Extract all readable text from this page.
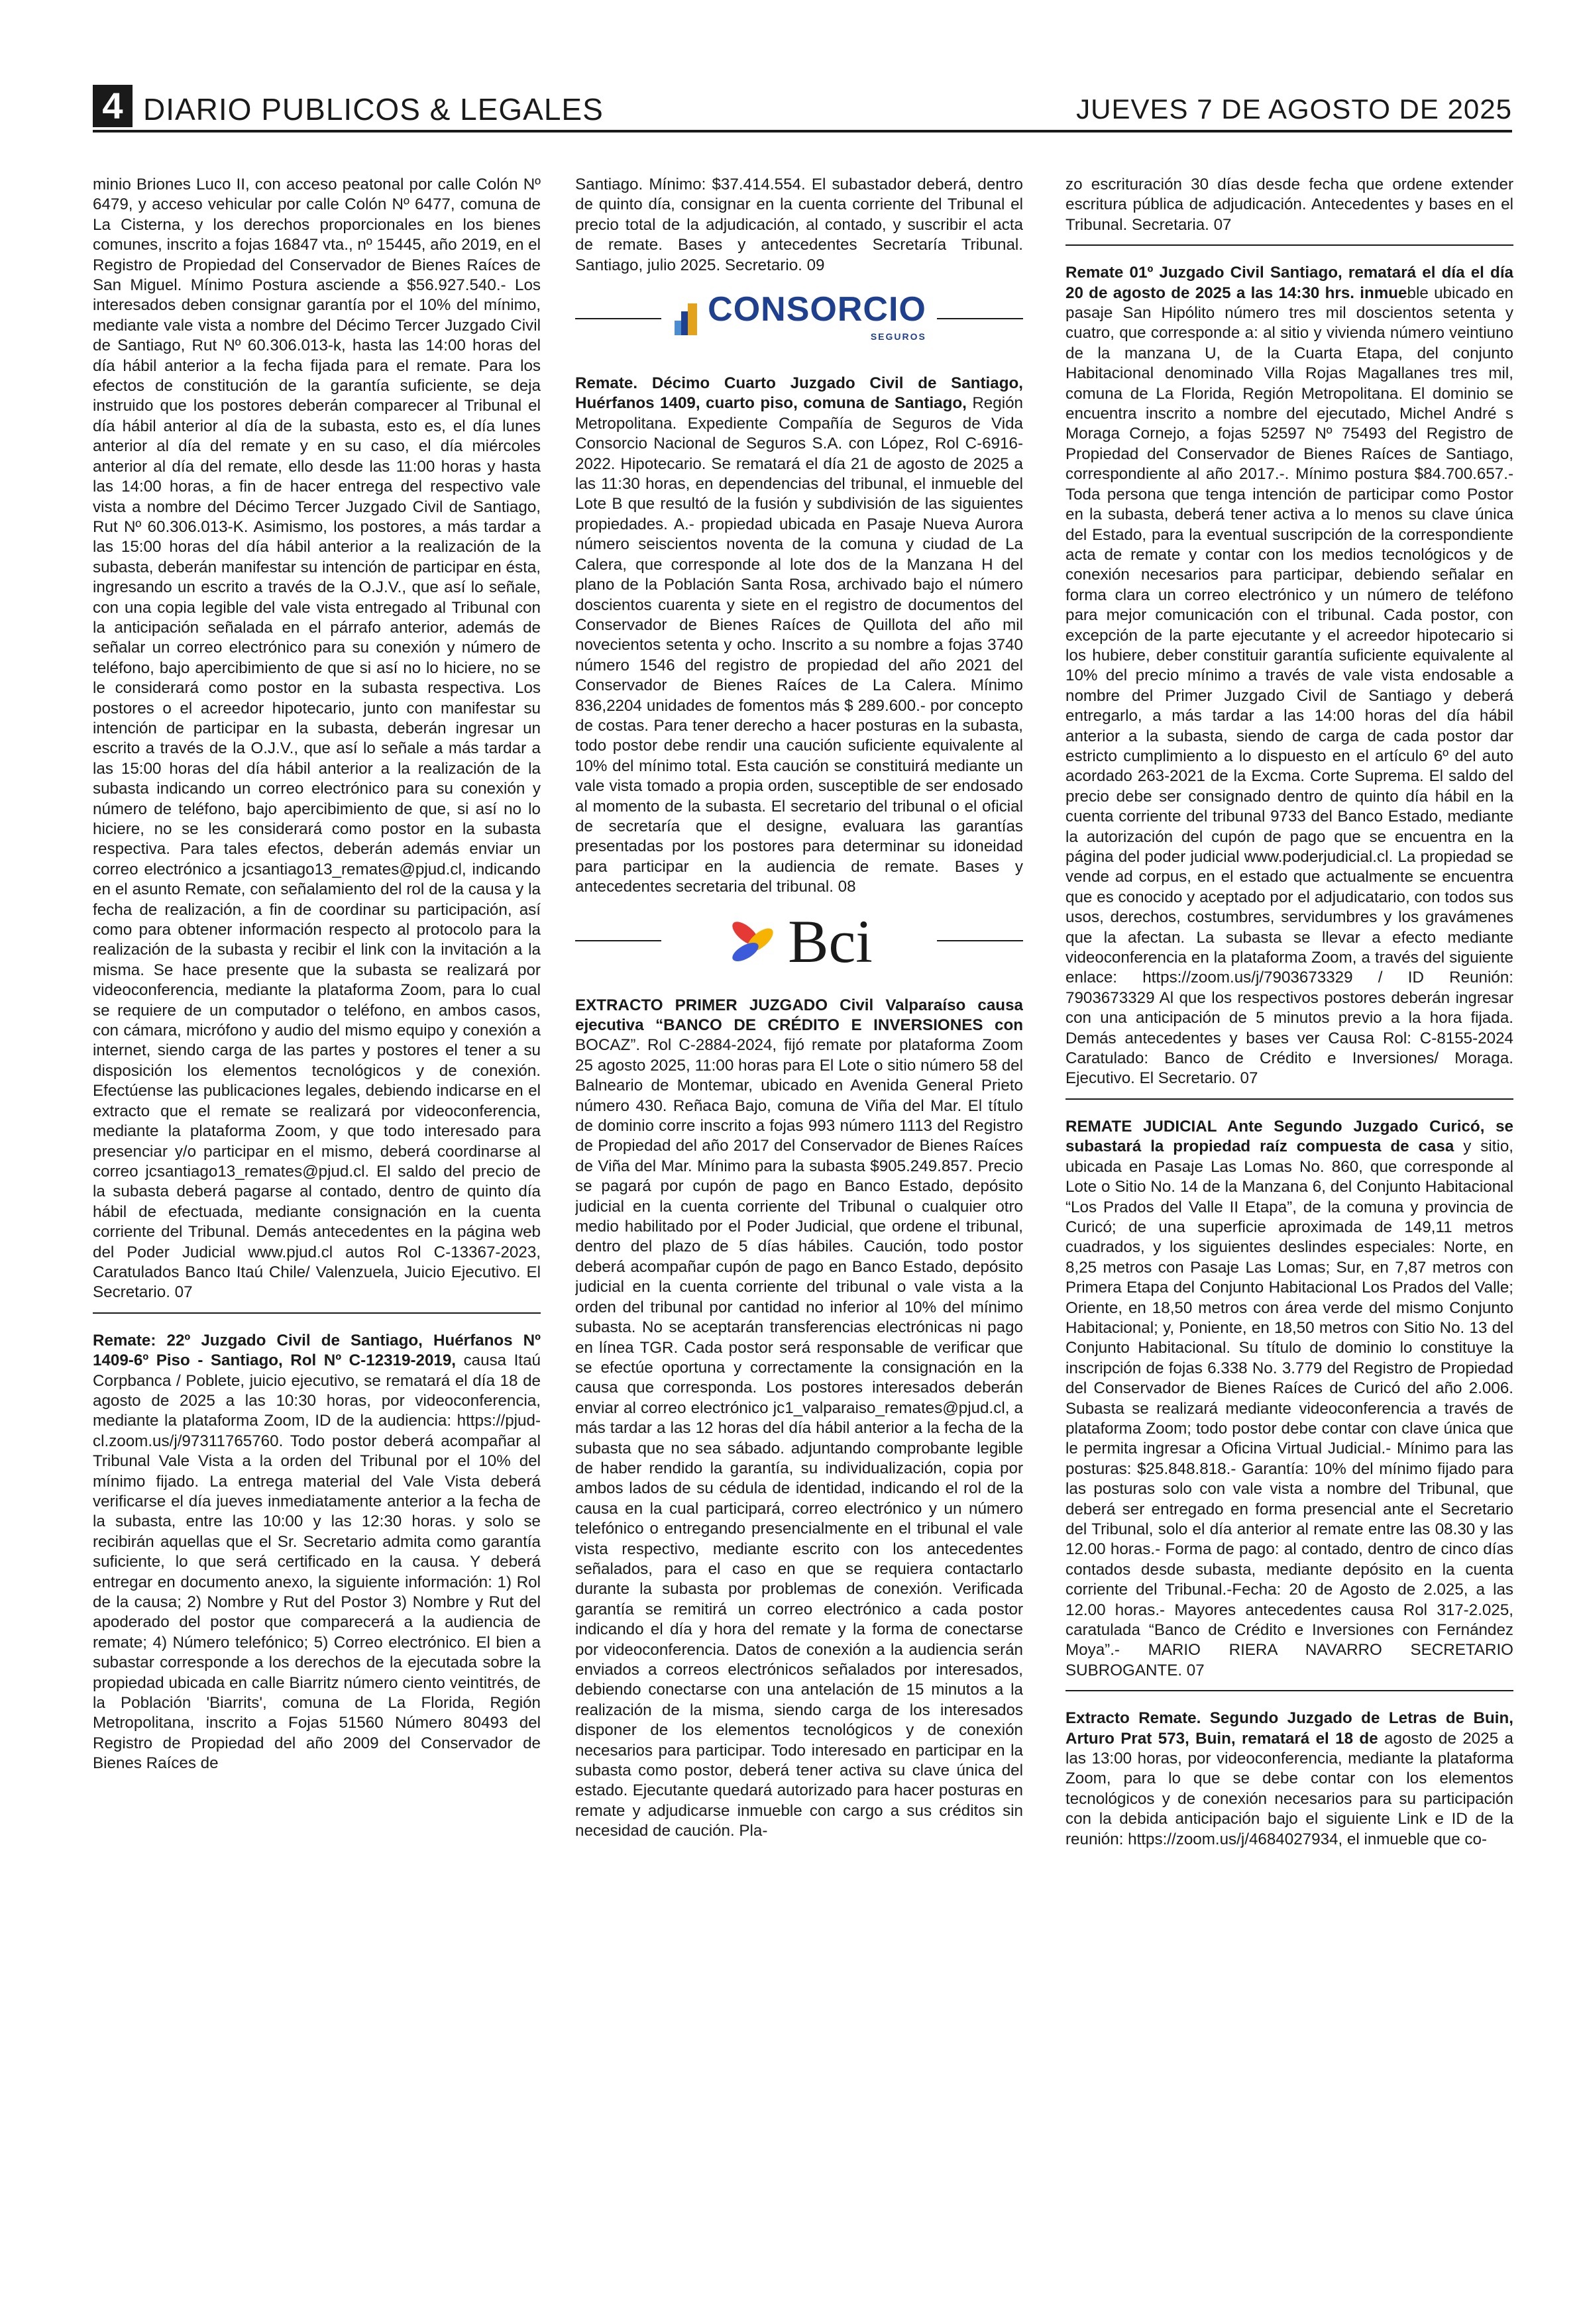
4 DIARIO PUBLICOS & LEGALES	JUEVES 7 DE AGOSTO DE 2025

minio Briones Luco II, con acceso peatonal por calle Colón Nº 6479, y acceso vehicular por calle Colón Nº 6477, comuna de La Cisterna, y los derechos proporcionales en los bienes comunes, inscrito a fojas 16847 vta., nº 15445, año 2019, en el Registro de Propiedad del Conservador de Bienes Raíces de San Miguel. Mínimo Postura asciende a $56.927.540.- Los interesados deben consignar garantía por el 10% del mínimo, mediante vale vista a nombre del Décimo Tercer Juzgado Civil de Santiago, Rut Nº 60.306.013-k, hasta las 14:00 horas del día hábil anterior a la fecha fijada para el remate. Para los efectos de constitución de la garantía suficiente, se deja instruido que los postores deberán comparecer al Tribunal el día hábil anterior al día de la subasta, esto es, el día lunes anterior al día del remate y en su caso, el día miércoles anterior al día del remate, ello desde las 11:00 horas y hasta las 14:00 horas, a fin de hacer entrega del respectivo vale vista a nombre del Décimo Tercer Juzgado Civil de Santiago, Rut Nº 60.306.013-K. Asimismo, los postores, a más tardar a las 15:00 horas del día hábil anterior a la realización de la subasta, deberán manifestar su intención de participar en ésta, ingresando un escrito a través de la O.J.V., que así lo señale, con una copia legible del vale vista entregado al Tribunal con la anticipación señalada en el párrafo anterior, además de señalar un correo electrónico para su conexión y número de teléfono, bajo apercibimiento de que si así no lo hiciere, no se le considerará como postor en la subasta respectiva. Los postores o el acreedor hipotecario, junto con manifestar su intención de participar en la subasta, deberán ingresar un escrito a través de la O.J.V., que así lo señale a más tardar a las 15:00 horas del día hábil anterior a la realización de la subasta indicando un correo electrónico para su conexión y número de teléfono, bajo apercibimiento de que, si así no lo hiciere, no se les considerará como postor en la subasta respectiva. Para tales efectos, deberán además enviar un correo electrónico a jcsantiago13_remates@pjud.cl, indicando en el asunto Remate, con señalamiento del rol de la causa y la fecha de realización, a fin de coordinar su participación, así como para obtener información respecto al protocolo para la realización de la subasta y recibir el link con la invitación a la misma. Se hace presente que la subasta se realizará por videoconferencia, mediante la plataforma Zoom, para lo cual se requiere de un computador o teléfono, en ambos casos, con cámara, micrófono y audio del mismo equipo y conexión a internet, siendo carga de las partes y postores el tener a su disposición los elementos tecnológicos y de conexión. Efectúense las publicaciones legales, debiendo indicarse en el extracto que el remate se realizará por videoconferencia, mediante la plataforma Zoom, y que todo interesado para presenciar y/o participar en el mismo, deberá coordinarse al correo jcsantiago13_remates@pjud.cl. El saldo del precio de la subasta deberá pagarse al contado, dentro de quinto día hábil de efectuada, mediante consignación en la cuenta corriente del Tribunal. Demás antecedentes en la página web del Poder Judicial www.pjud.cl autos Rol C-13367-2023, Caratulados Banco Itaú Chile/ Valenzuela, Juicio Ejecutivo. El Secretario. 07

Remate: 22º Juzgado Civil de Santiago, Huérfanos Nº 1409-6º Piso - Santiago, Rol Nº C-12319-2019, causa Itaú Corpbanca / Poblete, juicio ejecutivo, se rematará el día 18 de agosto de 2025 a las 10:30 horas, por videoconferencia, mediante la plataforma Zoom, ID de la audiencia: https://pjud-cl.zoom.us/j/97311765760. Todo postor deberá acompañar al Tribunal Vale Vista a la orden del Tribunal por el 10% del mínimo fijado. La entrega material del Vale Vista deberá verificarse el día jueves inmediatamente anterior a la fecha de la subasta, entre las 10:00 y las 12:30 horas. y solo se recibirán aquellas que el Sr. Secretario admita como garantía suficiente, lo que será certificado en la causa. Y deberá entregar en documento anexo, la siguiente información: 1) Rol de la causa; 2) Nombre y Rut del Postor 3) Nombre y Rut del apoderado del postor que comparecerá a la audiencia de remate; 4) Número telefónico; 5) Correo electrónico. El bien a subastar corresponde a los derechos de la ejecutada sobre la propiedad ubicada en calle Biarritz número ciento veintitrés, de la Población 'Biarrits', comuna de La Florida, Región Metropolitana, inscrito a Fojas 51560 Número 80493 del Registro de Propiedad del año 2009 del Conservador de Bienes Raíces de

Santiago. Mínimo: $37.414.554. El subastador deberá, dentro de quinto día, consignar en la cuenta corriente del Tribunal el precio total de la adjudicación, al contado, y suscribir el acta de remate. Bases y antecedentes Secretaría Tribunal. Santiago, julio 2025. Secretario. 09

CONSORCIO
SEGUROS

Remate. Décimo Cuarto Juzgado Civil de Santiago, Huérfanos 1409, cuarto piso, comuna de Santiago, Región Metropolitana. Expediente Compañía de Seguros de Vida Consorcio Nacional de Seguros S.A. con López, Rol C-6916-2022. Hipotecario. Se rematará el día 21 de agosto de 2025 a las 11:30 horas, en dependencias del tribunal, el inmueble del Lote B que resultó de la fusión y subdivisión de las siguientes propiedades. A.- propiedad ubicada en Pasaje Nueva Aurora número seiscientos noventa de la comuna y ciudad de La Calera, que corresponde al lote dos de la Manzana H del plano de la Población Santa Rosa, archivado bajo el número doscientos cuarenta y siete en el registro de documentos del Conservador de Bienes Raíces de Quillota del año mil novecientos setenta y ocho. Inscrito a su nombre a fojas 3740 número 1546 del registro de propiedad del año 2021 del Conservador de Bienes Raíces de La Calera. Mínimo 836,2204 unidades de fomentos más $ 289.600.- por concepto de costas. Para tener derecho a hacer posturas en la subasta, todo postor debe rendir una caución suficiente equivalente al 10% del mínimo total. Esta caución se constituirá mediante un vale vista tomado a propia orden, susceptible de ser endosado al momento de la subasta. El secretario del tribunal o el oficial de secretaría que el designe, evaluara las garantías presentadas por los postores para determinar su idoneidad para participar en la audiencia de remate. Bases y antecedentes secretaria del tribunal. 08

Bci

EXTRACTO PRIMER JUZGADO Civil Valparaíso causa ejecutiva “BANCO DE CRÉDITO E INVERSIONES con BOCAZ”. Rol C-2884-2024, fijó remate por plataforma Zoom 25 agosto 2025, 11:00 horas para El Lote o sitio número 58 del Balneario de Montemar, ubicado en Avenida General Prieto número 430. Reñaca Bajo, comuna de Viña del Mar. El título de dominio corre inscrito a fojas 993 número 1113 del Registro de Propiedad del año 2017 del Conservador de Bienes Raíces de Viña del Mar. Mínimo para la subasta $905.249.857. Precio se pagará por cupón de pago en Banco Estado, depósito judicial en la cuenta corriente del Tribunal o cualquier otro medio habilitado por el Poder Judicial, que ordene el tribunal, dentro del plazo de 5 días hábiles. Caución, todo postor deberá acompañar cupón de pago en Banco Estado, depósito judicial en la cuenta corriente del tribunal o vale vista a la orden del tribunal por cantidad no inferior al 10% del mínimo subasta. No se aceptarán transferencias electrónicas ni pago en línea TGR. Cada postor será responsable de verificar que se efectúe oportuna y correctamente la consignación en la causa que corresponda. Los postores interesados deberán enviar al correo electrónico jc1_valparaiso_remates@pjud.cl, a más tardar a las 12 horas del día hábil anterior a la fecha de la subasta que no sea sábado. adjuntando comprobante legible de haber rendido la garantía, su individualización, copia por ambos lados de su cédula de identidad, indicando el rol de la causa en la cual participará, correo electrónico y un número telefónico o entregando presencialmente en el tribunal el vale vista respectivo, mediante escrito con los antecedentes señalados, para el caso en que se requiera contactarlo durante la subasta por problemas de conexión. Verificada garantía se remitirá un correo electrónico a cada postor indicando el día y hora del remate y la forma de conectarse por videoconferencia. Datos de conexión a la audiencia serán enviados a correos electrónicos señalados por interesados, debiendo conectarse con una antelación de 15 minutos a la realización de la misma, siendo carga de los interesados disponer de los elementos tecnológicos y de conexión necesarios para participar. Todo interesado en participar en la subasta como postor, deberá tener activa su clave única del estado. Ejecutante quedará autorizado para hacer posturas en remate y adjudicarse inmueble con cargo a sus créditos sin necesidad de caución. Pla-

zo escrituración 30 días desde fecha que ordene extender escritura pública de adjudicación. Antecedentes y bases en el Tribunal. Secretaria. 07

Remate 01º Juzgado Civil Santiago, rematará el día el día 20 de agosto de 2025 a las 14:30 hrs. inmueble ubicado en pasaje San Hipólito número tres mil doscientos setenta y cuatro, que corresponde a: al sitio y vivienda número veintiuno de la manzana U, de la Cuarta Etapa, del conjunto Habitacional denominado Villa Rojas Magallanes tres mil, comuna de La Florida, Región Metropolitana. El dominio se encuentra inscrito a nombre del ejecutado, Michel André s Moraga Cornejo, a fojas 52597 Nº 75493 del Registro de Propiedad del Conservador de Bienes Raíces de Santiago, correspondiente al año 2017.-. Mínimo postura $84.700.657.- Toda persona que tenga intención de participar como Postor en la subasta, deberá tener activa a lo menos su clave única del Estado, para la eventual suscripción de la correspondiente acta de remate y contar con los medios tecnológicos y de conexión necesarios para participar, debiendo señalar en forma clara un correo electrónico y un número de teléfono para mejor comunicación con el tribunal. Cada postor, con excepción de la parte ejecutante y el acreedor hipotecario si los hubiere, deber constituir garantía suficiente equivalente al 10% del precio mínimo a través de vale vista endosable a nombre del Primer Juzgado Civil de Santiago y deberá entregarlo, a más tardar a las 14:00 horas del día hábil anterior a la subasta, siendo de carga de cada postor dar estricto cumplimiento a lo dispuesto en el artículo 6º del auto acordado 263-2021 de la Excma. Corte Suprema. El saldo del precio debe ser consignado dentro de quinto día hábil en la cuenta corriente del tribunal 9733 del Banco Estado, mediante la autorización del cupón de pago que se encuentra en la página del poder judicial www.poderjudicial.cl. La propiedad se vende ad corpus, en el estado que actualmente se encuentra que es conocido y aceptado por el adjudicatario, con todos sus usos, derechos, costumbres, servidumbres y los gravámenes que la afectan. La subasta se llevar a efecto mediante videoconferencia en la plataforma Zoom, a través del siguiente enlace: https://zoom.us/j/7903673329 / ID Reunión: 7903673329 Al que los respectivos postores deberán ingresar con una anticipación de 5 minutos previo a la hora fijada. Demás antecedentes y bases ver Causa Rol: C-8155-2024 Caratulado: Banco de Crédito e Inversiones/ Moraga. Ejecutivo. El Secretario. 07

REMATE JUDICIAL Ante Segundo Juzgado Curicó, se subastará la propiedad raíz compuesta de casa y sitio, ubicada en Pasaje Las Lomas No. 860, que corresponde al Lote o Sitio No. 14 de la Manzana 6, del Conjunto Habitacional “Los Prados del Valle II Etapa”, de la comuna y provincia de Curicó; de una superficie aproximada de 149,11 metros cuadrados, y los siguientes deslindes especiales: Norte, en 8,25 metros con Pasaje Las Lomas; Sur, en 7,87 metros con Primera Etapa del Conjunto Habitacional Los Prados del Valle; Oriente, en 18,50 metros con área verde del mismo Conjunto Habitacional; y, Poniente, en 18,50 metros con Sitio No. 13 del Conjunto Habitacional. Su título de dominio lo constituye la inscripción de fojas 6.338 No. 3.779 del Registro de Propiedad del Conservador de Bienes Raíces de Curicó del año 2.006. Subasta se realizará mediante videoconferencia a través de plataforma Zoom; todo postor debe contar con clave única que le permita ingresar a Oficina Virtual Judicial.- Mínimo para las posturas: $25.848.818.- Garantía: 10% del mínimo fijado para las posturas solo con vale vista a nombre del Tribunal, que deberá ser entregado en forma presencial ante el Secretario del Tribunal, solo el día anterior al remate entre las 08.30 y las 12.00 horas.- Forma de pago: al contado, dentro de cinco días contados desde subasta, mediante depósito en la cuenta corriente del Tribunal.-Fecha: 20 de Agosto de 2.025, a las 12.00 horas.- Mayores antecedentes causa Rol 317-2.025, caratulada “Banco de Crédito e Inversiones con Fernández Moya”.- MARIO RIERA NAVARRO SECRETARIO SUBROGANTE. 07

Extracto Remate. Segundo Juzgado de Letras de Buin, Arturo Prat 573, Buin, rematará el 18 de agosto de 2025 a las 13:00 horas, por videoconferencia, mediante la plataforma Zoom, para lo que se debe contar con los elementos tecnológicos y de conexión necesarios para su participación con la debida anticipación bajo el siguiente Link e ID de la reunión: https://zoom.us/j/4684027934, el inmueble que co-
